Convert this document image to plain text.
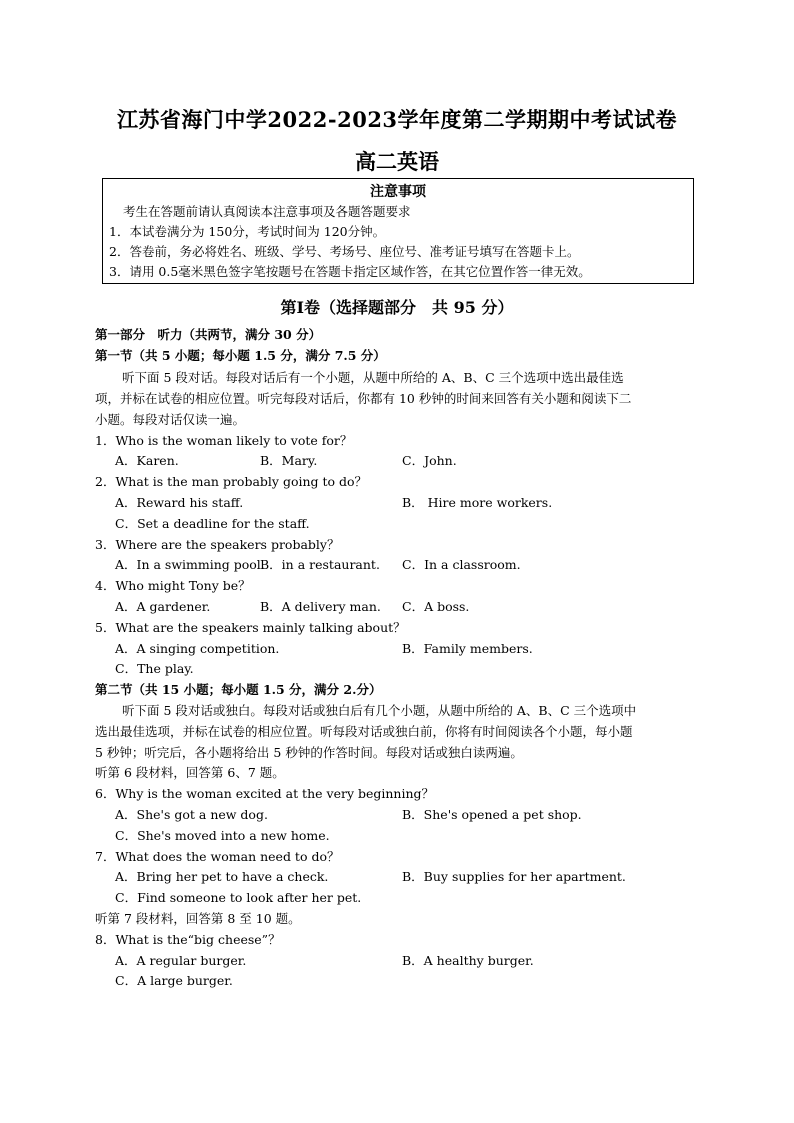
江苏省海门中学2022-2023学年度第二学期期中考试试卷
高二英语
注意事项
考生在答题前请认真阅读本注意事项及各题答题要求
1．本试卷满分为 150分，考试时间为 120分钟。
2．答卷前，务必将姓名、班级、学号、考场号、座位号、准考证号填写在答题卡上。
3．请用 0.5毫米黑色签字笔按题号在答题卡指定区域作答，在其它位置作答一律无效。
第Ⅰ卷（选择题部分　共 95 分）
第一部分　听力（共两节，满分 30 分）
第一节（共 5 小题；每小题 1.5 分，满分 7.5 分）
听下面 5 段对话。每段对话后有一个小题，从题中所给的 A、B、C 三个选项中选出最佳选
项，并标在试卷的相应位置。听完每段对话后，你都有 10 秒钟的时间来回答有关小题和阅读下二
小题。每段对话仅读一遍。
1．Who is the woman likely to vote for？
A．Karen.	B．Mary.	C．John.
2．What is the man probably going to do？
A．Reward his staff.	B． Hire more workers.
C．Set a deadline for the staff.
3．Where are the speakers probably？
A．In a swimming pool.
B．in a restaurant. C．In a classroom.
4．Who might Tony be？
A．A gardener.	B．A delivery man. C．A boss.
5．What are the speakers mainly talking about？
A．A singing competition.	B．Family members.
C．The play.
第二节（共 15 小题；每小题 1.5 分，满分 2.分）
听下面 5 段对话或独白。每段对话或独白后有几个小题，从题中所给的 A、B、C 三个选项中
选出最佳选项，并标在试卷的相应位置。听每段对话或独白前，你将有时间阅读各个小题，每小题
5 秒钟；听完后，各小题将给出 5 秒钟的作答时间。每段对话或独白读两遍。
听第 6 段材料，回答第 6、7 题。
6．Why is the woman excited at the very beginning？
A．She's got a new dog.	B．She's opened a pet shop.
C．She's moved into a new home.
7．What does the woman need to do？
A．Bring her pet to have a check.	B．Buy supplies for her apartment.
C．Find someone to look after her pet.
听第 7 段材料，回答第 8 至 10 题。
8．What is the“big cheese”？
A．A regular burger.	B．A healthy burger.
C．A large burger.
